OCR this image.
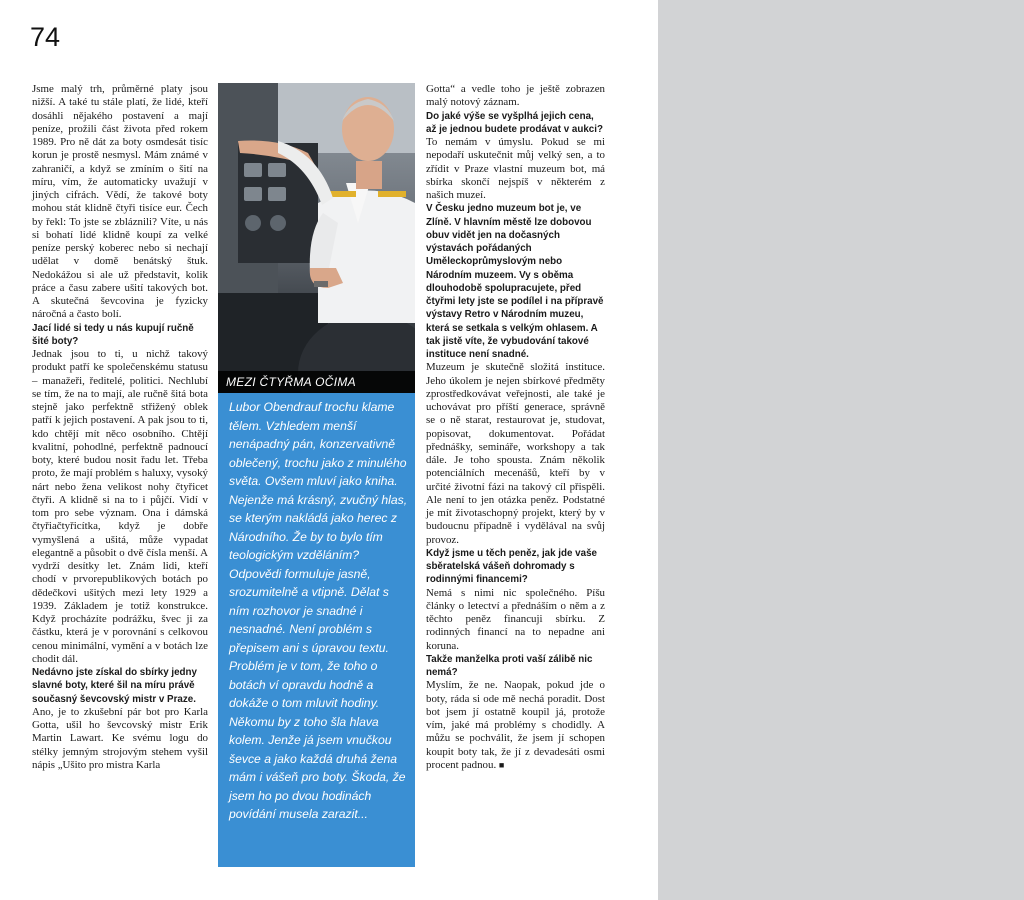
74

Jsme malý trh, průměrné platy jsou nižší. A také tu stále platí, že lidé, kteří dosáhli nějakého postavení a mají peníze, prožili část života před rokem 1989. Pro ně dát za boty osmdesát tisíc korun je prostě nesmysl. Mám známé v zahraničí, a když se zmíním o šití na míru, vím, že automaticky uvažují v jiných cifrách. Vědí, že takové boty mohou stát klidně čtyři tisíce eur. Čech by řekl: To jste se zbláznili? Víte, u nás si bohatí lidé klidně koupí za velké peníze perský koberec nebo si nechají udělat v domě benátský štuk. Nedokážou si ale už představit, kolik práce a času zabere ušití takových bot. A skutečná ševcovina je fyzicky náročná a často bolí.

Jací lidé si tedy u nás kupují ručně šité boty?

Jednak jsou to ti, u nichž takový produkt patří ke společenskému statusu – manažeři, ředitelé, politici. Nechlubí se tím, že na to mají, ale ručně šitá bota stejně jako perfektně střižený oblek patří k jejich postavení. A pak jsou to ti, kdo chtějí mít něco osobního. Chtějí kvalitní, pohodlné, perfektně padnoucí boty, které budou nosit řadu let. Třeba proto, že mají problém s haluxy, vysoký nárt nebo žena velikost nohy čtyřicet čtyři. A klidně si na to i půjčí. Vidí v tom pro sebe význam. Ona i dámská čtyřiačtyřicítka, když je dobře vymyšlená a ušitá, může vypadat elegantně a působit o dvě čísla menší. A vydrží desítky let. Znám lidi, kteří chodí v prvorepublikových botách po dědečkovi ušitých mezi lety 1929 a 1939. Základem je totiž konstrukce. Když procházíte podrážku, švec ji za částku, která je v porovnání s celkovou cenou minimální, vymění a v botách lze chodit dál.

Nedávno jste získal do sbírky jedny slavné boty, které šil na míru právě současný ševcovský mistr v Praze.

Ano, je to zkušební pár bot pro Karla Gotta, ušil ho ševcovský mistr Erik Martin Lawart. Ke svému logu do stélky jemným strojovým stehem vyšil nápis „Ušito pro mistra Karla

MEZI ČTYŘMA OČIMA

Lubor Obendrauf trochu klame tělem. Vzhledem menší nenápadný pán, konzervativně oblečený, trochu jako z minulého světa. Ovšem mluví jako kniha. Nejenže má krásný, zvučný hlas, se kterým nakládá jako herec z Národního. Že by to bylo tím teologickým vzděláním? Odpovědi formuluje jasně, srozumitelně a vtipně. Dělat s ním rozhovor je snadné i nesnadné. Není problém s přepisem ani s úpravou textu. Problém je v tom, že toho o botách ví opravdu hodně a dokáže o tom mluvit hodiny. Někomu by z toho šla hlava kolem. Jenže já jsem vnučkou ševce a jako každá druhá žena mám i vášeň pro boty. Škoda, že jsem ho po dvou hodinách povídání musela zarazit...

Gotta“ a vedle toho je ještě zobrazen malý notový záznam.

Do jaké výše se vyšplhá jejich cena, až je jednou budete prodávat v aukci?

To nemám v úmyslu. Pokud se mi nepodaří uskutečnit můj velký sen, a to zřídit v Praze vlastní muzeum bot, má sbírka skončí nejspíš v některém z našich muzeí.

V Česku jedno muzeum bot je, ve Zlíně. V hlavním městě lze dobovou obuv vidět jen na dočasných výstavách pořádaných Uměleckoprůmyslovým nebo Národním muzeem. Vy s oběma dlouhodobě spolupracujete, před čtyřmi lety jste se podílel i na přípravě výstavy Retro v Národním muzeu, která se setkala s velkým ohlasem. A tak jistě víte, že vybudování takové instituce není snadné.

Muzeum je skutečně složitá instituce. Jeho úkolem je nejen sbírkové předměty zprostředkovávat veřejnosti, ale také je uchovávat pro příští generace, správně se o ně starat, restaurovat je, studovat, popisovat, dokumentovat. Pořádat přednášky, semináře, workshopy a tak dále. Je toho spousta. Znám několik potenciálních mecenášů, kteří by v určité životní fázi na takový cíl přispěli. Ale není to jen otázka peněz. Podstatné je mít životaschopný projekt, který by v budoucnu případně i vydělával na svůj provoz.

Když jsme u těch peněz, jak jde vaše sběratelská vášeň dohromady s rodinnými financemi?

Nemá s nimi nic společného. Píšu články o letectví a přednáším o něm a z těchto peněz financuji sbírku. Z rodinných financí na to nepadne ani koruna.

Takže manželka proti vaší zálibě nic nemá?

Myslím, že ne. Naopak, pokud jde o boty, ráda si ode mě nechá poradit. Dost bot jsem jí ostatně koupil já, protože vím, jaké má problémy s chodidly. A můžu se pochválit, že jsem jí schopen koupit boty tak, že jí z devadesáti osmi procent padnou. ■
